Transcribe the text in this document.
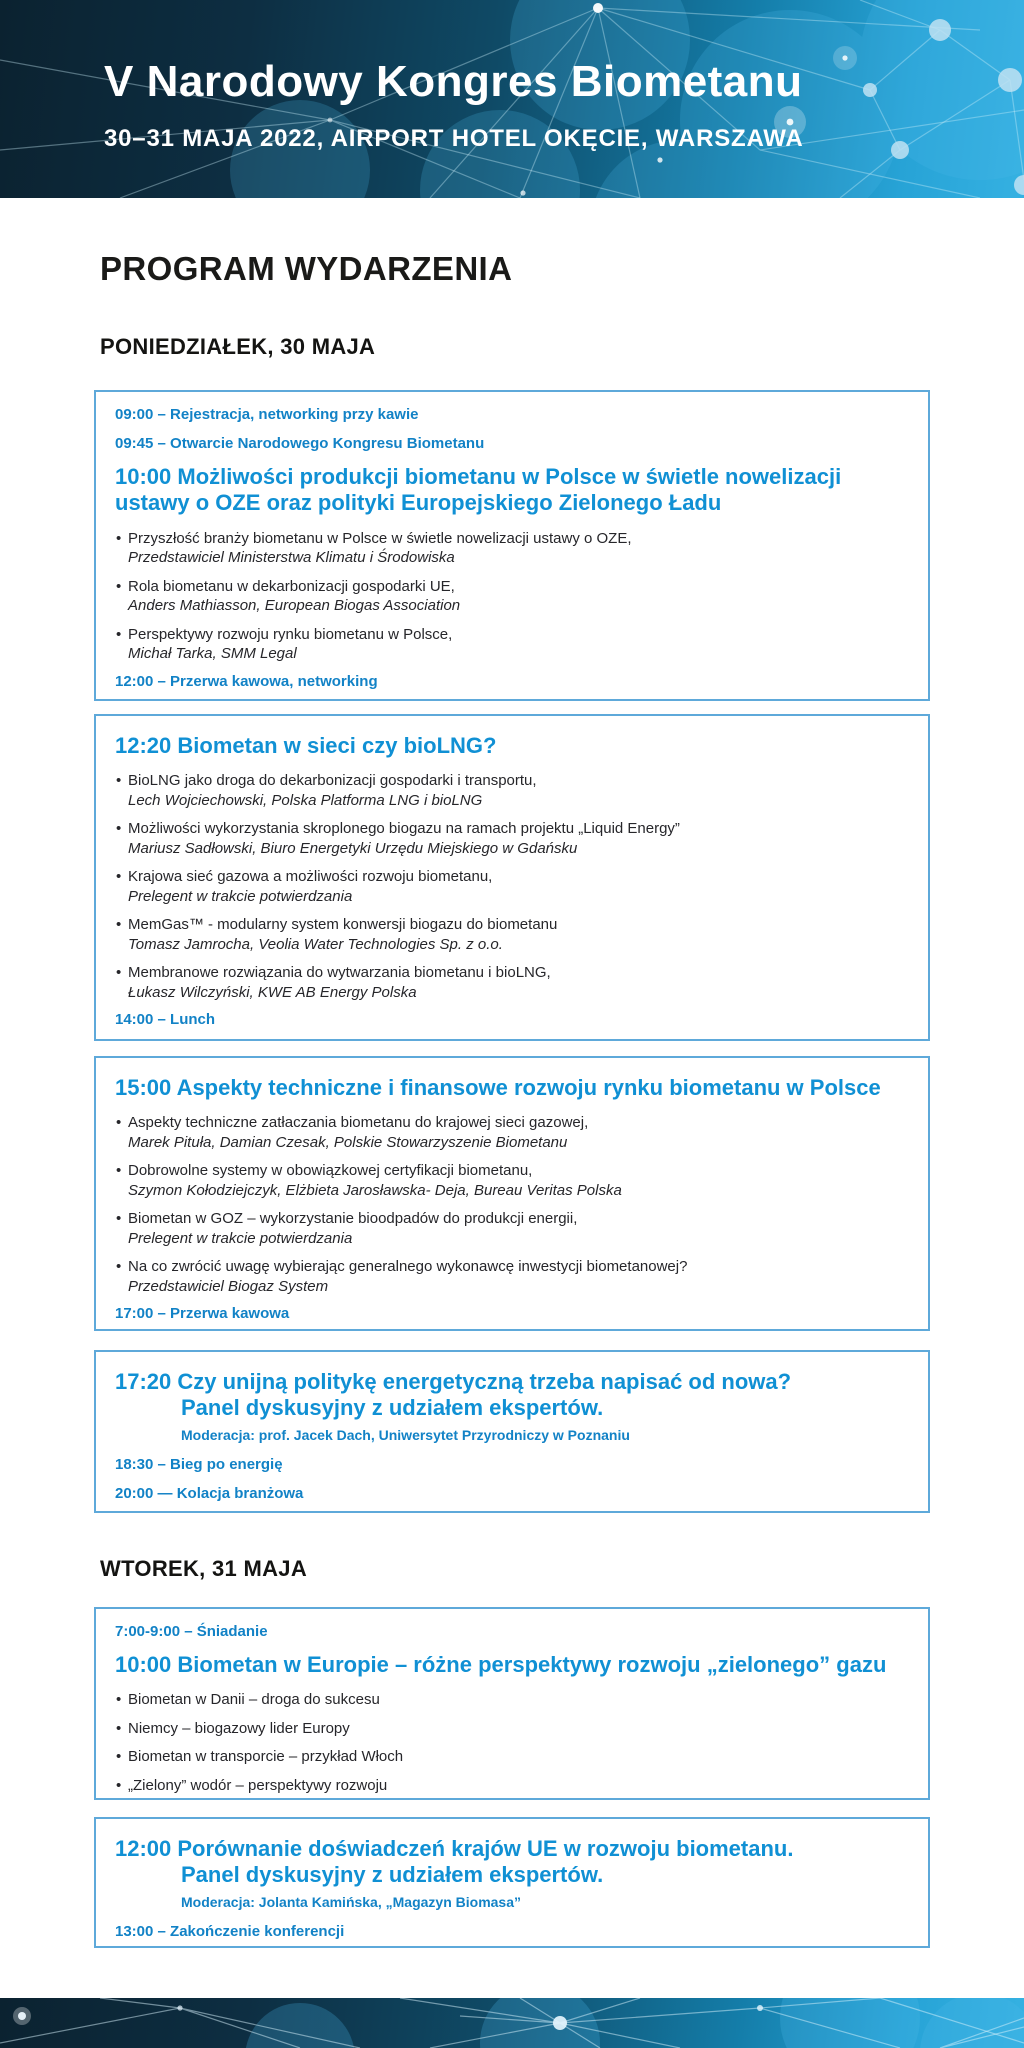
V Narodowy Kongres Biometanu
30–31 MAJA 2022, AIRPORT HOTEL OKĘCIE, WARSZAWA
PROGRAM WYDARZENIA
PONIEDZIAŁEK, 30 MAJA
09:00 – Rejestracja, networking przy kawie
09:45 – Otwarcie Narodowego Kongresu Biometanu
10:00 Możliwości produkcji biometanu w Polsce w świetle nowelizacji
ustawy o OZE oraz polityki Europejskiego Zielonego Ładu
• Przyszłość branży biometanu w Polsce w świetle nowelizacji ustawy o OZE,
Przedstawiciel Ministerstwa Klimatu i Środowiska
• Rola biometanu w dekarbonizacji gospodarki UE,
Anders Mathiasson, European Biogas Association
• Perspektywy rozwoju rynku biometanu w Polsce,
Michał Tarka, SMM Legal
12:00 – Przerwa kawowa, networking
12:20 Biometan w sieci czy bioLNG?
• BioLNG jako droga do dekarbonizacji gospodarki i transportu,
Lech Wojciechowski, Polska Platforma LNG i bioLNG
• Możliwości wykorzystania skroplonego biogazu na ramach projektu „Liquid Energy”
Mariusz Sadłowski, Biuro Energetyki Urzędu Miejskiego w Gdańsku
• Krajowa sieć gazowa a możliwości rozwoju biometanu,
Prelegent w trakcie potwierdzania
• MemGas™ - modularny system konwersji biogazu do biometanu
Tomasz Jamrocha, Veolia Water Technologies Sp. z o.o.
• Membranowe rozwiązania do wytwarzania biometanu i bioLNG,
Łukasz Wilczyński, KWE AB Energy Polska
14:00 – Lunch
15:00 Aspekty techniczne i finansowe rozwoju rynku biometanu w Polsce
• Aspekty techniczne zatłaczania biometanu do krajowej sieci gazowej,
Marek Pituła, Damian Czesak, Polskie Stowarzyszenie Biometanu
• Dobrowolne systemy w obowiązkowej certyfikacji biometanu,
Szymon Kołodziejczyk, Elżbieta Jarosławska- Deja, Bureau Veritas Polska
• Biometan w GOZ – wykorzystanie bioodpadów do produkcji energii,
Prelegent w trakcie potwierdzania
• Na co zwrócić uwagę wybierając generalnego wykonawcę inwestycji biometanowej?
Przedstawiciel Biogaz System
17:00 – Przerwa kawowa
17:20 Czy unijną politykę energetyczną trzeba napisać od nowa?
Panel dyskusyjny z udziałem ekspertów.
Moderacja: prof. Jacek Dach, Uniwersytet Przyrodniczy w Poznaniu
18:30 – Bieg po energię
20:00 — Kolacja branżowa
WTOREK, 31 MAJA
7:00-9:00 – Śniadanie
10:00 Biometan w Europie – różne perspektywy rozwoju „zielonego” gazu
• Biometan w Danii – droga do sukcesu
• Niemcy – biogazowy lider Europy
• Biometan w transporcie – przykład Włoch
• „Zielony” wodór – perspektywy rozwoju
12:00 Porównanie doświadczeń krajów UE w rozwoju biometanu.
Panel dyskusyjny z udziałem ekspertów.
Moderacja: Jolanta Kamińska, „Magazyn Biomasa”
13:00 – Zakończenie konferencji
